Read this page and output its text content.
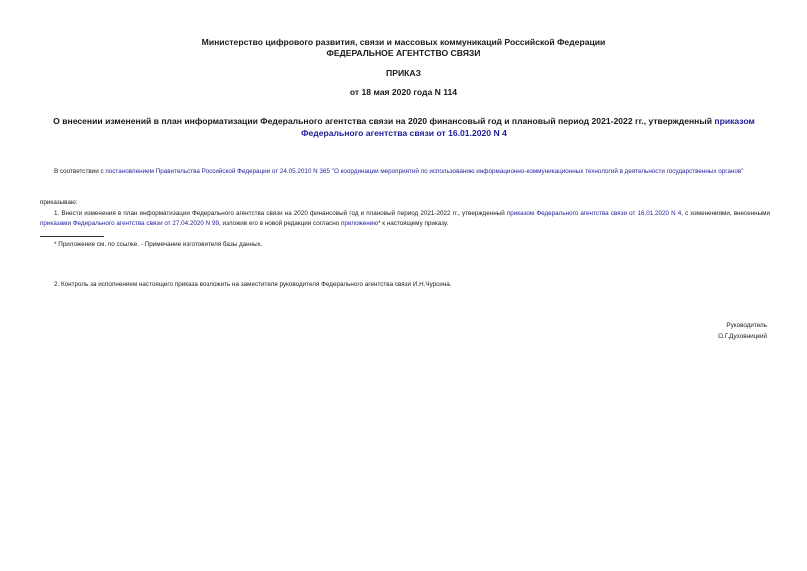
Министерство цифрового развития, связи и массовых коммуникаций Российской Федерации
ФЕДЕРАЛЬНОЕ АГЕНТСТВО СВЯЗИ
ПРИКАЗ
от 18 мая 2020 года N 114
О внесении изменений в план информатизации Федерального агентства связи на 2020 финансовый год и плановый период 2021-2022 гг., утвержденный приказом Федерального агентства связи от 16.01.2020 N 4
В соответствии с постановлением Правительства Российской Федерации от 24.05.2010 N 365 "О координации мероприятий по использованию информационно-коммуникационных технологий в деятельности государственных органов"
приказываю:
1. Внести изменения в план информатизации Федерального агентства связи на 2020 финансовый год и плановый период 2021-2022 гг., утвержденный приказом Федерального агентства связи от 16.01.2020 N 4, с изменениями, внесенными приказами Федерального агентства связи от 27.04.2020 N 99, изложив его в новой редакции согласно приложению* к настоящему приказу.
* Приложение см. по ссылке. - Примечание изготовителя базы данных.
2. Контроль за исполнением настоящего приказа возложить на заместителя руководителя Федерального агентства связи И.Н.Чурсина.
Руководитель
О.Г.Духовницкий
